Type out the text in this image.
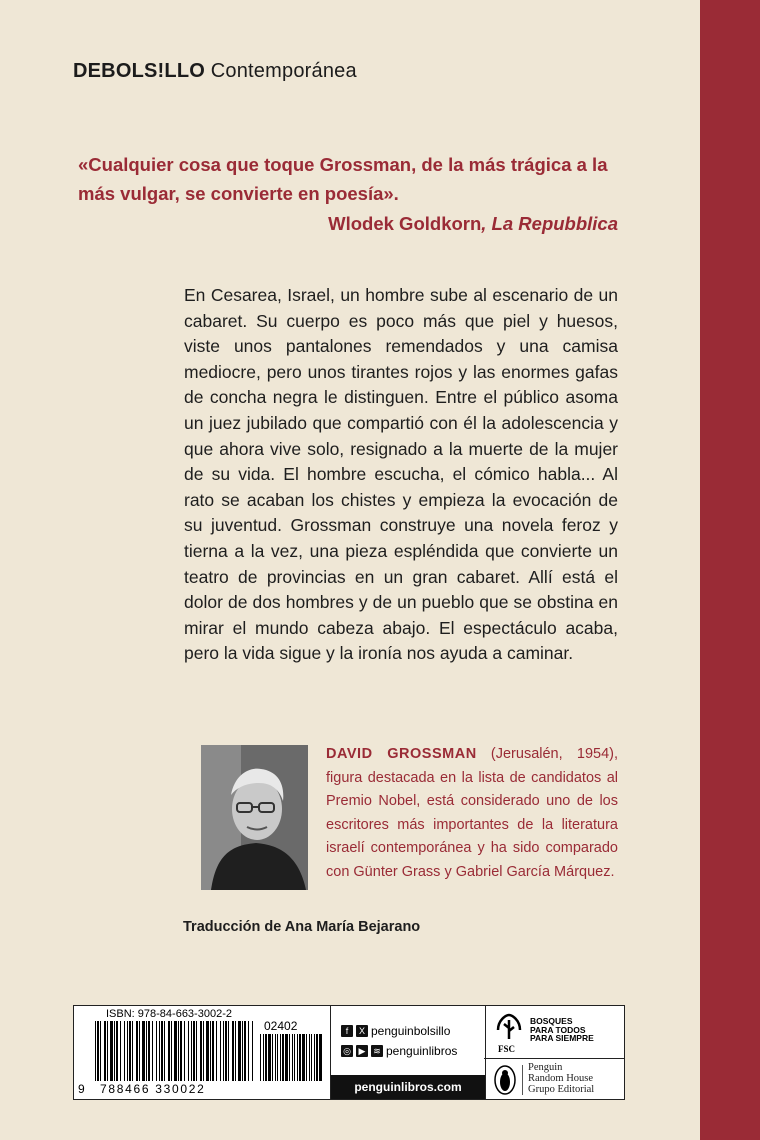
DEBOLS!LLO Contemporánea
«Cualquier cosa que toque Grossman, de la más trágica a la más vulgar, se convierte en poesía».
Wlodek Goldkorn, La Repubblica

En Cesarea, Israel, un hombre sube al escenario de un cabaret. Su cuerpo es poco más que piel y huesos, viste unos pantalones remendados y una camisa mediocre, pero unos tirantes rojos y las enormes gafas de concha negra le distinguen. Entre el público asoma un juez jubilado que compartió con él la adolescencia y que ahora vive solo, resignado a la muerte de la mujer de su vida. El hombre escucha, el cómico habla... Al rato se acaban los chistes y empieza la evocación de su juventud. Grossman construye una novela feroz y tierna a la vez, una pieza espléndida que convierte un teatro de provincias en un gran cabaret. Allí está el dolor de dos hombres y de un pueblo que se obstina en mirar el mundo cabeza abajo. El espectáculo acaba, pero la vida sigue y la ironía nos ayuda a caminar.

DAVID GROSSMAN (Jerusalén, 1954), figura destacada en la lista de candidatos al Premio Nobel, está considerado uno de los escritores más importantes de la literatura israelí contemporánea y ha sido comparado con Günter Grass y Gabriel García Márquez.
Traducción de Ana María Bejarano
ISBN: 978-84-663-3002-2
02402
9 788466 330022
f	X penguinbolsillo
◎ ▶ ≋ penguinlibros
penguinlibros.com
FSC
BOSQUES
PARA TODOS
PARA SIEMPRE
Penguin
Random House
Grupo Editorial
